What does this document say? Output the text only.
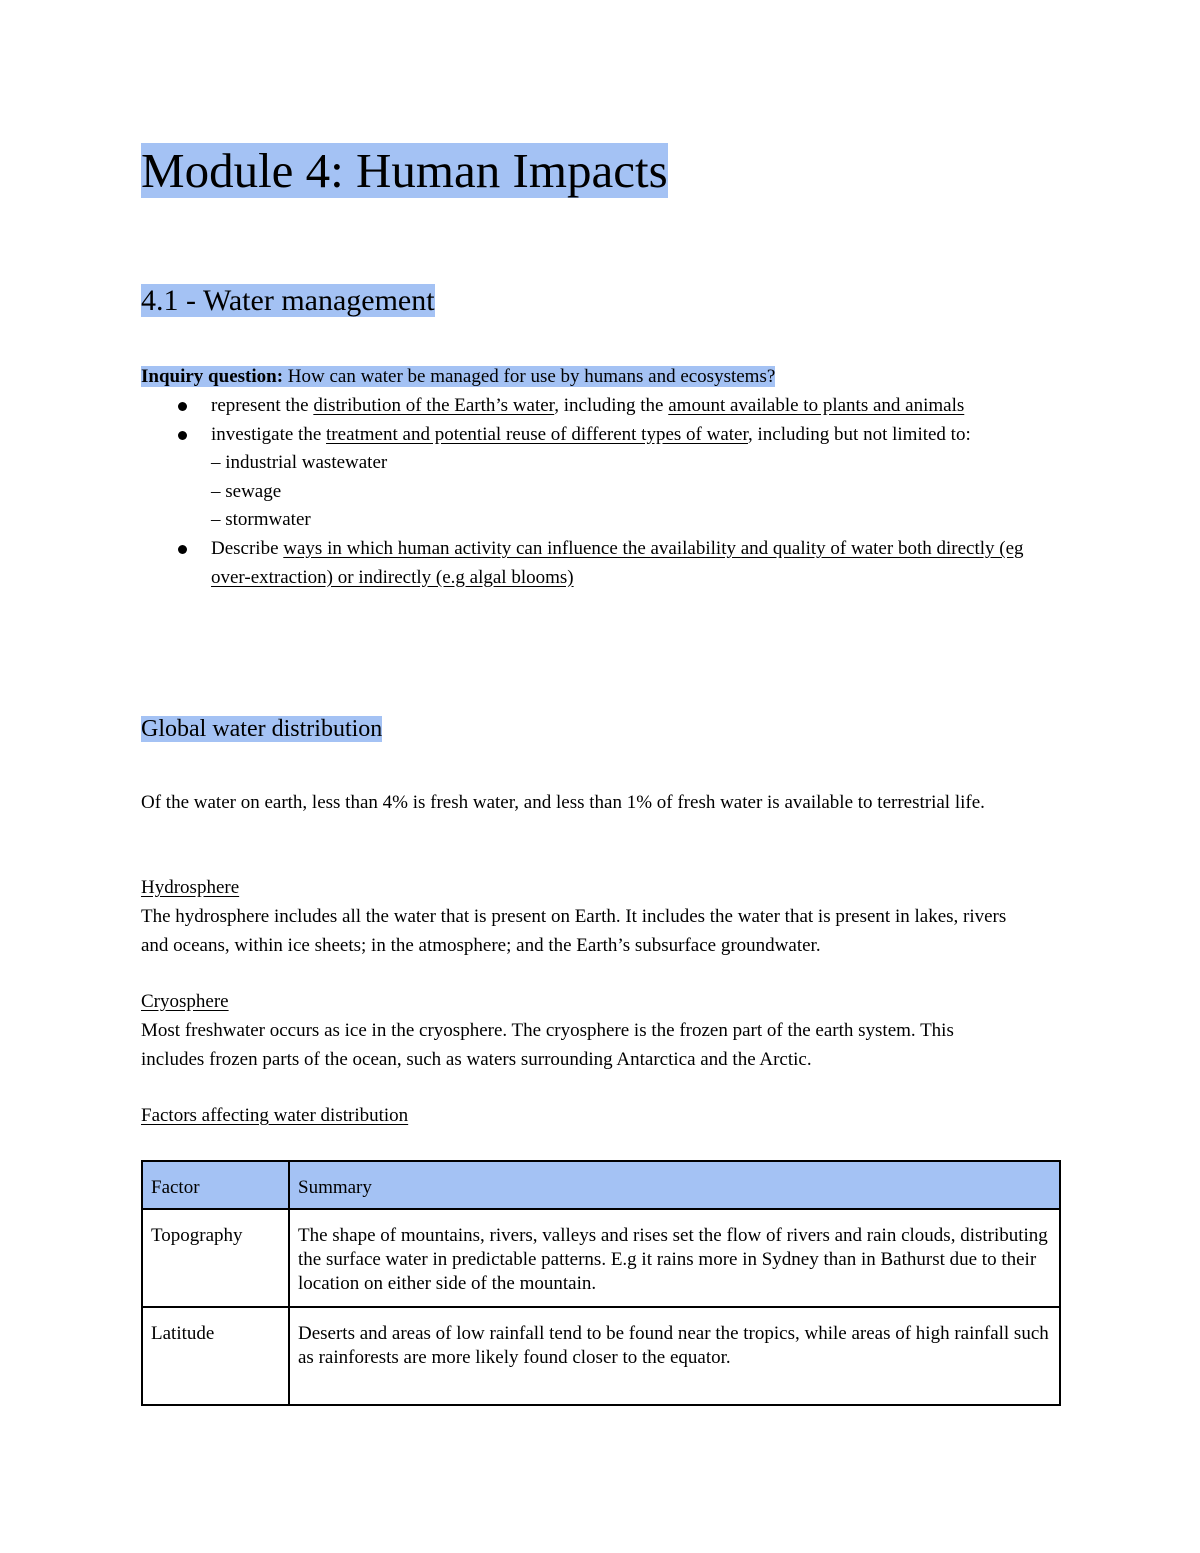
Module 4: Human Impacts
4.1 - Water management
Inquiry question: How can water be managed for use by humans and ecosystems?
represent the distribution of the Earth’s water, including the amount available to plants and animals
investigate the treatment and potential reuse of different types of water, including but not limited to:
– industrial wastewater
– sewage
– stormwater
Describe ways in which human activity can influence the availability and quality of water both directly (eg over-extraction) or indirectly (e.g algal blooms)
Global water distribution

Of the water on earth, less than 4% is fresh water, and less than 1% of fresh water is available to terrestrial life.

Hydrosphere

The hydrosphere includes all the water that is present on Earth. It includes the water that is present in lakes, rivers and oceans, within ice sheets; in the atmosphere; and the Earth’s subsurface groundwater.

Cryosphere

Most freshwater occurs as ice in the cryosphere. The cryosphere is the frozen part of the earth system. This includes frozen parts of the ocean, such as waters surrounding Antarctica and the Arctic.

Factors affecting water distribution

Factor	Summary
Topography	The shape of mountains, rivers, valleys and rises set the flow of rivers and rain clouds, distributing the surface water in predictable patterns. E.g it rains more in Sydney than in Bathurst due to their location on either side of the mountain.
Latitude	Deserts and areas of low rainfall tend to be found near the tropics, while areas of high rainfall such as rainforests are more likely found closer to the equator.
